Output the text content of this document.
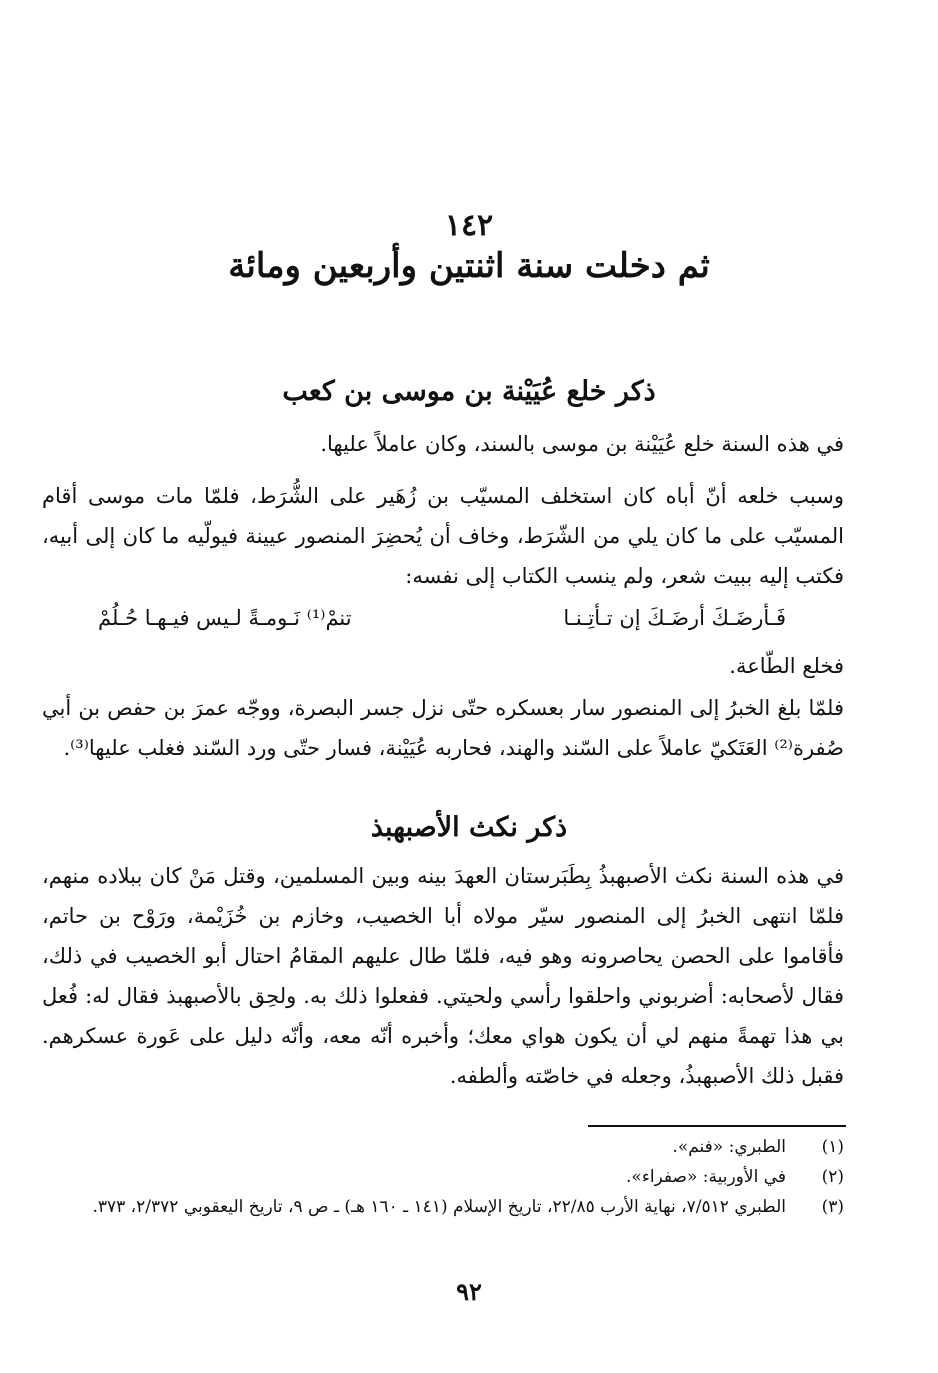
١٤٢
ثم دخلت سنة اثنتين وأربعين ومائة
ذكر خلع عُيَيْنة بن موسى بن كعب
في هذه السنة خلع عُيَيْنة بن موسى بالسند، وكان عاملاً عليها.
وسبب خلعه أنّ أباه كان استخلف المسيّب بن زُهَير على الشُّرَط، فلمّا مات موسى أقام المسيّب على ما كان يلي من الشّرَط، وخاف أن يُحضِرَ المنصور عيينة فيولّيه ما كان إلى أبيه، فكتب إليه ببيت شعر، ولم ينسب الكتاب إلى نفسه:
فَـأرضَـكَ أرضَـكَ إن تـأتِـنـا
تنمْ⁽¹⁾ نَـومـةً لـيس فيـهـا حُـلُمْ
فخلع الطّاعة.
فلمّا بلغ الخبرُ إلى المنصور سار بعسكره حتّى نزل جسر البصرة، ووجّه عمرَ بن حفص بن أبي صُفرة⁽²⁾ العَتَكيّ عاملاً على السّند والهند، فحاربه عُيَيْنة، فسار حتّى ورد السّند فغلب عليها⁽³⁾.
ذكر نكث الأصبهبذ
في هذه السنة نكث الأصبهبذُ بِطَبَرستان العهدَ بينه وبين المسلمين، وقتل مَنْ كان ببلاده منهم، فلمّا انتهى الخبرُ إلى المنصور سيّر مولاه أبا الخصيب، وخازم بن خُزَيْمة، ورَوْح بن حاتم، فأقاموا على الحصن يحاصرونه وهو فيه، فلمّا طال عليهم المقامُ احتال أبو الخصيب في ذلك، فقال لأصحابه: أضربوني واحلقوا رأسي ولحيتي. ففعلوا ذلك به. ولحِق بالأصبهبذ فقال له: فُعل بي هذا تهمةً منهم لي أن يكون هواي معك؛ وأخبره أنّه معه، وأنّه دليل على عَورة عسكرهم. فقبل ذلك الأصبهبذُ، وجعله في خاصّته وألطفه.
(١)الطبري: «فنم».
(٢)في الأوربية: «صفراء».
(٣)الطبري ٧/٥١٢، نهاية الأرب ٢٢/٨٥، تاريخ الإسلام (١٤١ ـ ١٦٠ هـ) ـ ص ٩، تاريخ اليعقوبي ٢/٣٧٢، ٣٧٣.
٩٢
